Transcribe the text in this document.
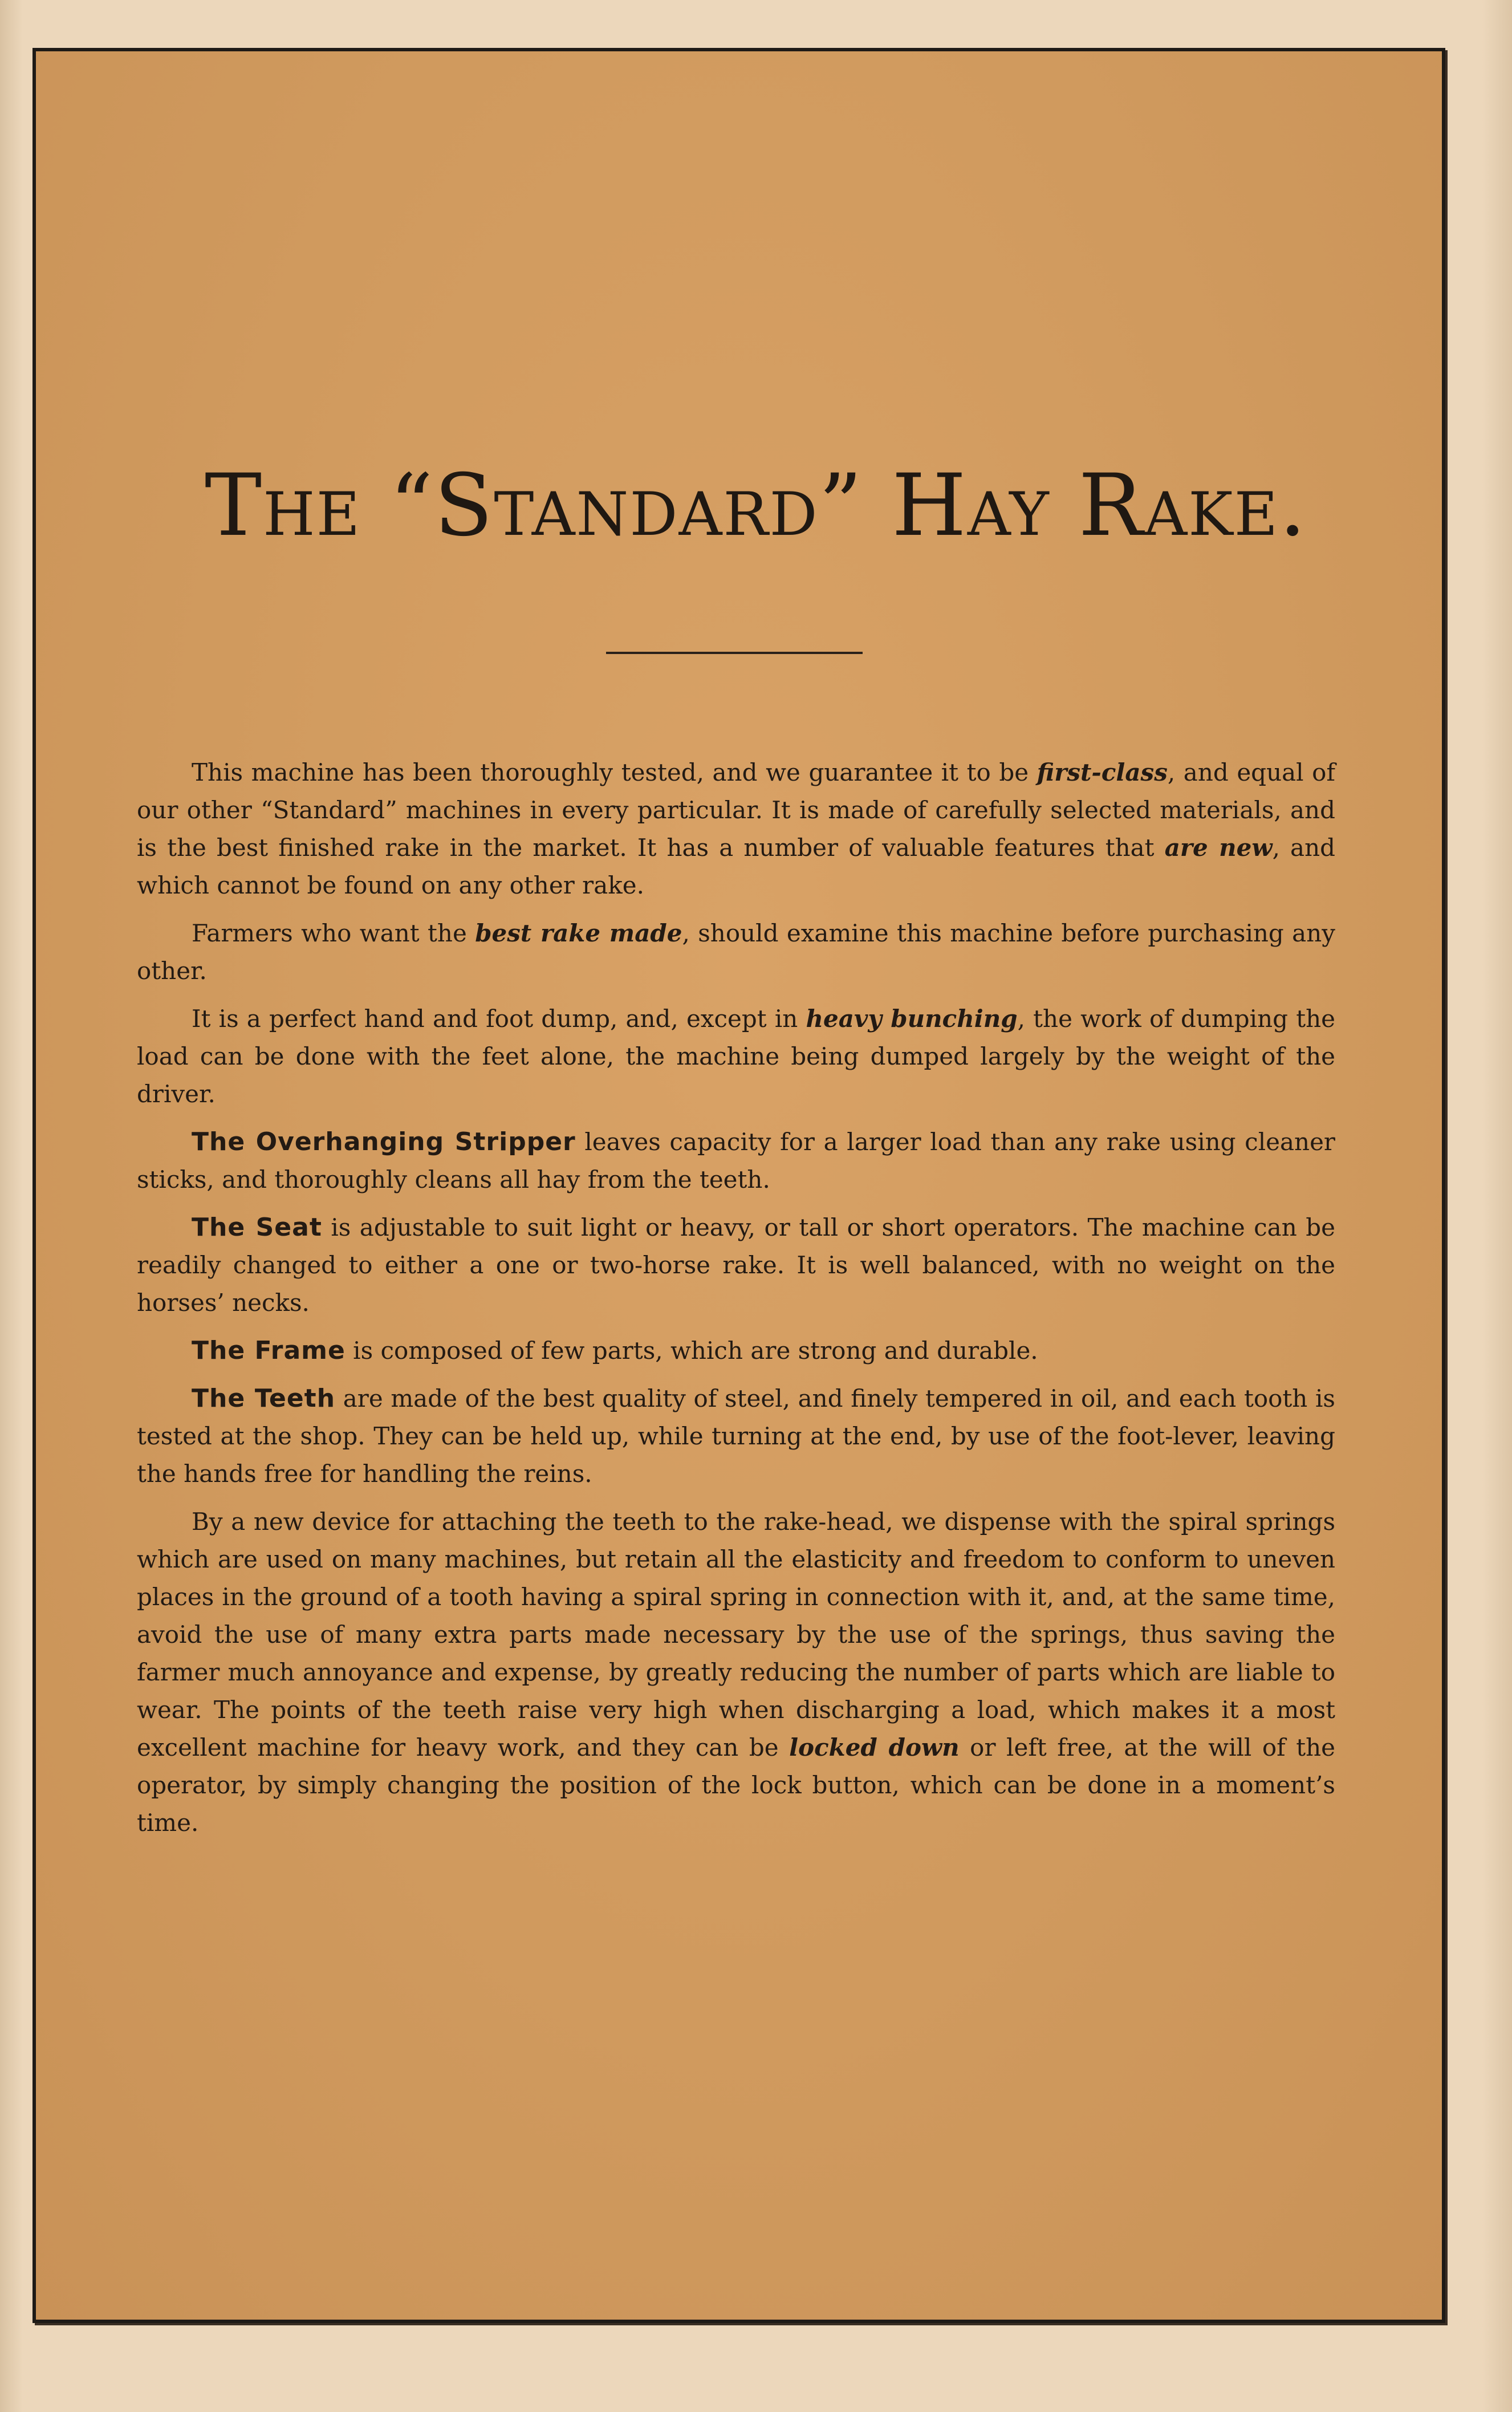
The “Standard” Hay Rake.

This machine has been thoroughly tested, and we guarantee it to be first-class, and equal of our other “Standard” machines in every particular. It is made of carefully selected materials, and is the best finished rake in the market. It has a number of valuable features that are new, and which cannot be found on any other rake.

Farmers who want the best rake made, should examine this machine before purchasing any other.

It is a perfect hand and foot dump, and, except in heavy bunching, the work of dumping the load can be done with the feet alone, the machine being dumped largely by the weight of the driver.

The Overhanging Stripper leaves capacity for a larger load than any rake using cleaner sticks, and thoroughly cleans all hay from the teeth.

The Seat is adjustable to suit light or heavy, or tall or short operators. The machine can be readily changed to either a one or two-horse rake. It is well balanced, with no weight on the horses’ necks.

The Frame is composed of few parts, which are strong and durable.

The Teeth are made of the best quality of steel, and finely tempered in oil, and each tooth is tested at the shop. They can be held up, while turning at the end, by use of the foot-lever, leaving the hands free for handling the reins.

By a new device for attaching the teeth to the rake-head, we dispense with the spiral springs which are used on many machines, but retain all the elasticity and freedom to conform to uneven places in the ground of a tooth having a spiral spring in connection with it, and, at the same time, avoid the use of many extra parts made necessary by the use of the springs, thus saving the farmer much annoyance and expense, by greatly reducing the number of parts which are liable to wear. The points of the teeth raise very high when discharging a load, which makes it a most excellent machine for heavy work, and they can be locked down or left free, at the will of the operator, by simply changing the position of the lock button, which can be done in a moment’s time.
